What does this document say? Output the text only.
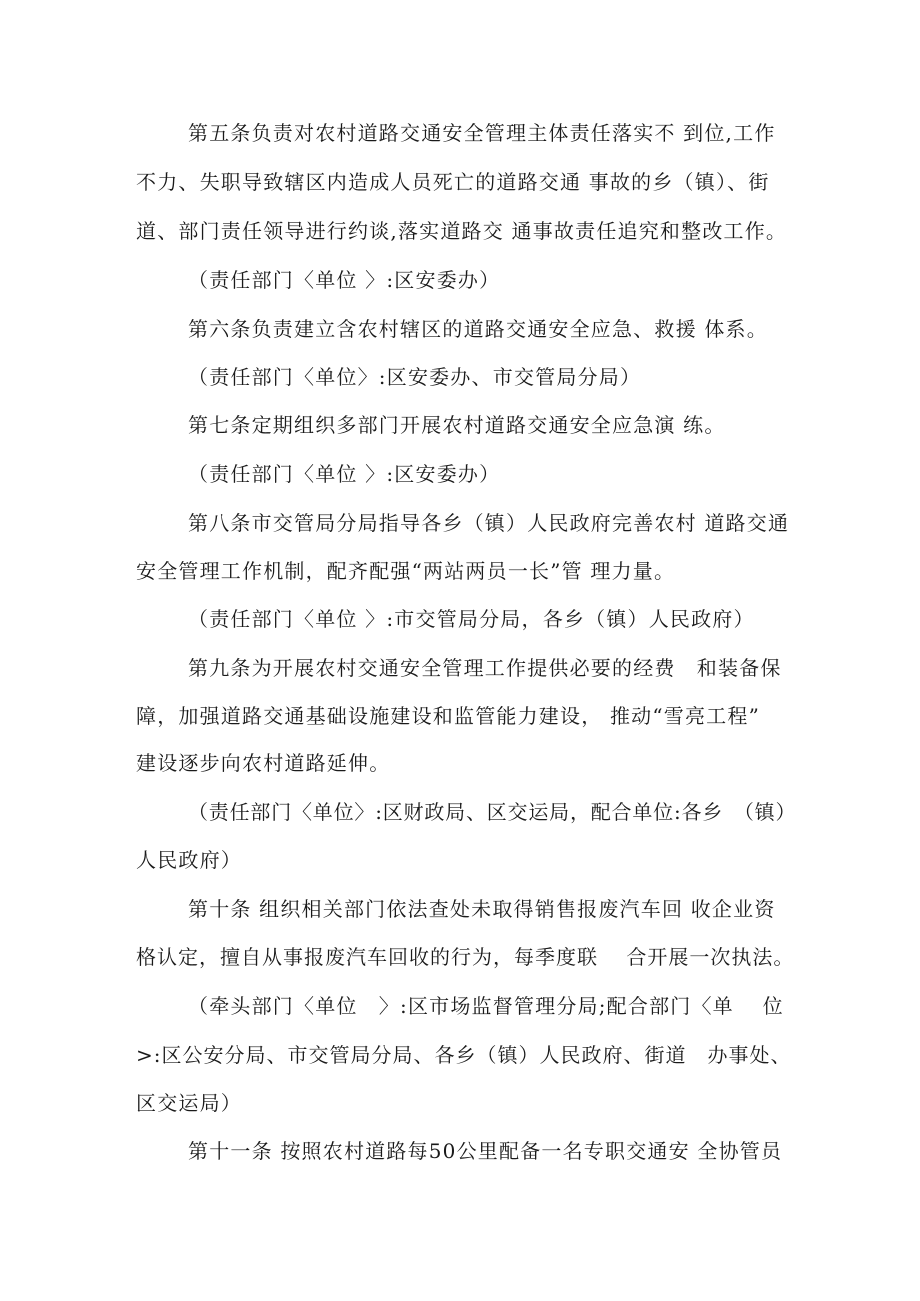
第五条负责对农村道路交通安全管理主体责任落实不 到位,工作
不力、失职导致辖区内造成人员死亡的道路交通 事故的乡（镇）、街
道、部门责任领导进行约谈,落实道路交 通事故责任追究和整改工作。
（责任部门〈单位 〉:区安委办）
第六条负责建立含农村辖区的道路交通安全应急、救援 体系。
（责任部门〈单位〉:区安委办、市交管局分局）
第七条定期组织多部门开展农村道路交通安全应急演 练。
（责任部门〈单位 〉:区安委办）
第八条市交管局分局指导各乡（镇）人民政府完善农村 道路交通
安全管理工作机制，配齐配强“两站两员一长”管 理力量。
（责任部门〈单位 〉:市交管局分局，各乡（镇）人民政府）
第九条为开展农村交通安全管理工作提供必要的经费　和装备保
障，加强道路交通基础设施建设和监管能力建设， 推动“雪亮工程”
建设逐步向农村道路延伸。
（责任部门〈单位〉:区财政局、区交运局，配合单位:各乡　（镇）
人民政府）
第十条 组织相关部门依法查处未取得销售报废汽车回 收企业资
格认定，擅自从事报废汽车回收的行为，每季度联　 合开展一次执法。
（牵头部门〈单位　〉:区市场监督管理分局;配合部门〈单　 位
>:区公安分局、市交管局分局、各乡（镇）人民政府、街道　办事处、
区交运局）
第十一条 按照农村道路每50公里配备一名专职交通安 全协管员
